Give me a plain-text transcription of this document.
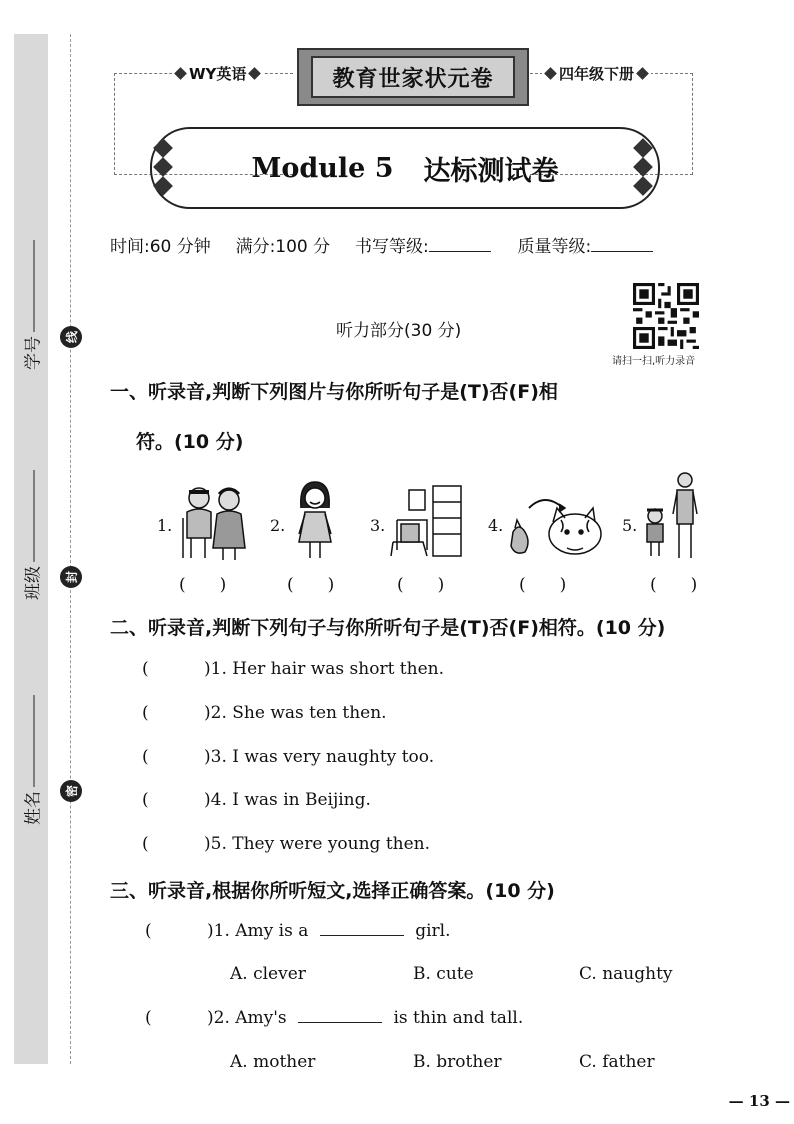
学号
班级
姓名
线
封
密
WY英语	四年级下册
教育世家状元卷
Module 5 达标测试卷
时间:60 分钟 满分:100 分 书写等级:	质量等级:
听力部分(30 分)
请扫一扫,听力录音
一、听录音,判断下列图片与你所听句子是(T)否(F)相
符。(10 分)
1.
(　　)
2.
(　　)
3.
(　　)
4.
(　　)
5.
(　　)
二、听录音,判断下列句子与你所听句子是(T)否(F)相符。(10 分)
(	)1. Her hair was short then.
(	)2. She was ten then.
(	)3. I was very naughty too.
(	)4. I was in Beijing.
(	)5. They were young then.
三、听录音,根据你所听短文,选择正确答案。(10 分)
(	)1. Amy is a	girl.
A. clever	B. cute	C. naughty
(	)2. Amy's	is thin and tall.
A. mother	B. brother	C. father
— 13 —
